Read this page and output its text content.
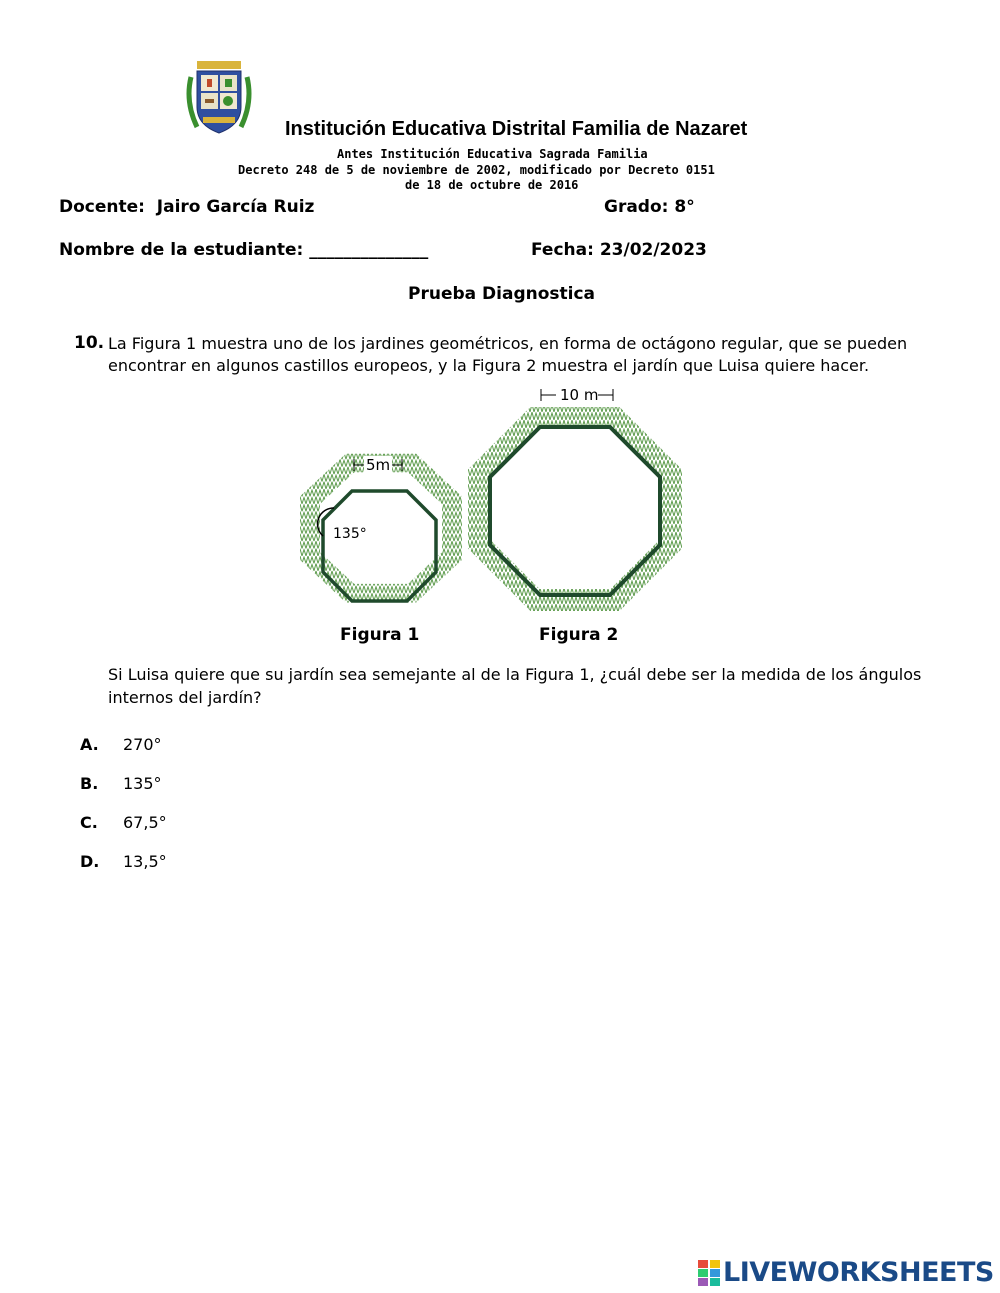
Institución Educativa Distrital Familia de Nazaret
Antes Institución Educativa Sagrada Familia
Decreto 248 de 5 de noviembre de 2002, modificado por Decreto 0151
de 18 de octubre de 2016
Docente:  Jairo García Ruiz	Grado: 8°
Nombre de la estudiante: ______________	Fecha: 23/02/2023
Prueba Diagnostica
10. La Figura 1 muestra uno de los jardines geométricos, en forma de octágono regular, que se pueden
encontrar en algunos castillos europeos, y la Figura 2 muestra el jardín que Luisa quiere hacer.
5m
135°
10 m
Figura 1	Figura 2
Si Luisa quiere que su jardín sea semejante al de la Figura 1, ¿cuál debe ser la medida de los ángulos
internos del jardín?
A. 270°
B. 135°
C. 67,5°
D. 13,5°
LIVEWORKSHEETS
